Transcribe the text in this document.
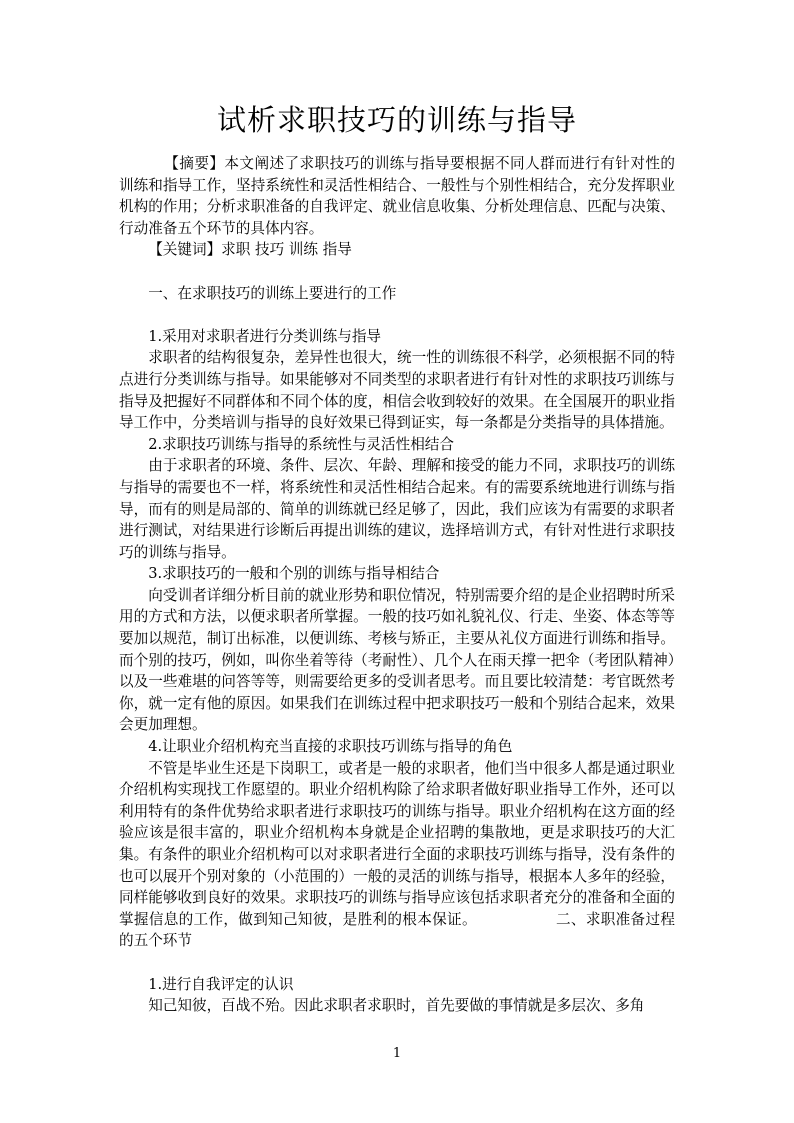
试析求职技巧的训练与指导

【摘要】本文阐述了求职技巧的训练与指导要根据不同人群而进行有针对性的训练和指导工作，坚持系统性和灵活性相结合、一般性与个别性相结合，充分发挥职业机构的作用；分析求职准备的自我评定、就业信息收集、分析处理信息、匹配与决策、行动准备五个环节的具体内容。

【关键词】求职 技巧 训练 指导

一、在求职技巧的训练上要进行的工作

1.采用对求职者进行分类训练与指导

求职者的结构很复杂，差异性也很大，统一性的训练很不科学，必须根据不同的特点进行分类训练与指导。如果能够对不同类型的求职者进行有针对性的求职技巧训练与指导及把握好不同群体和不同个体的度，相信会收到较好的效果。在全国展开的职业指导工作中，分类培训与指导的良好效果已得到证实，每一条都是分类指导的具体措施。

2.求职技巧训练与指导的系统性与灵活性相结合

由于求职者的环境、条件、层次、年龄、理解和接受的能力不同，求职技巧的训练与指导的需要也不一样，将系统性和灵活性相结合起来。有的需要系统地进行训练与指导，而有的则是局部的、简单的训练就已经足够了，因此，我们应该为有需要的求职者进行测试，对结果进行诊断后再提出训练的建议，选择培训方式，有针对性进行求职技巧的训练与指导。

3.求职技巧的一般和个别的训练与指导相结合

向受训者详细分析目前的就业形势和职位情况，特别需要介绍的是企业招聘时所采用的方式和方法，以便求职者所掌握。一般的技巧如礼貌礼仪、行走、坐姿、体态等等要加以规范，制订出标准，以便训练、考核与矫正，主要从礼仪方面进行训练和指导。而个别的技巧，例如，叫你坐着等待（考耐性）、几个人在雨天撑一把伞（考团队精神）以及一些难堪的问答等等，则需要给更多的受训者思考。而且要比较清楚：考官既然考你，就一定有他的原因。如果我们在训练过程中把求职技巧一般和个别结合起来，效果会更加理想。

4.让职业介绍机构充当直接的求职技巧训练与指导的角色

不管是毕业生还是下岗职工，或者是一般的求职者，他们当中很多人都是通过职业介绍机构实现找工作愿望的。职业介绍机构除了给求职者做好职业指导工作外，还可以利用特有的条件优势给求职者进行求职技巧的训练与指导。职业介绍机构在这方面的经验应该是很丰富的，职业介绍机构本身就是企业招聘的集散地，更是求职技巧的大汇集。有条件的职业介绍机构可以对求职者进行全面的求职技巧训练与指导，没有条件的也可以展开个别对象的（小范围的）一般的灵活的训练与指导，根据本人多年的经验，同样能够收到良好的效果。求职技巧的训练与指导应该包括求职者充分的准备和全面的掌握信息的工作，做到知己知彼，是胜利的根本保证。	二、求职准备过程的五个环节

1.进行自我评定的认识

知己知彼，百战不殆。因此求职者求职时，首先要做的事情就是多层次、多角

1
